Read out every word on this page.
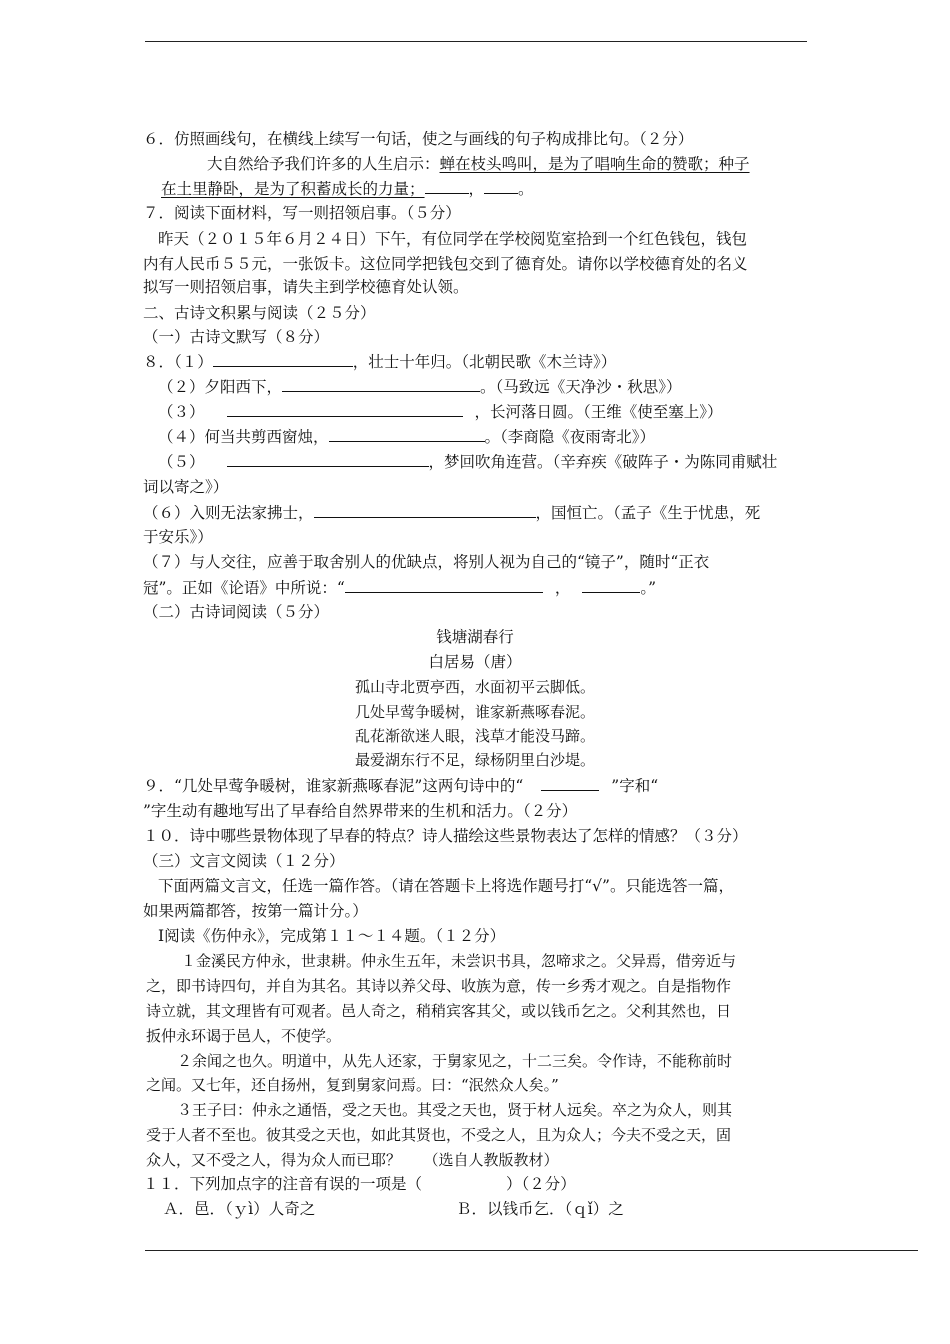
６．仿照画线句，在横线上续写一句话，使之与画线的句子构成排比句。（２分）
大自然给予我们许多的人生启示：蝉在枝头鸣叫，是为了唱响生命的赞歌；种子
在土里静卧，是为了积蓄成长的力量；	， 。
７．阅读下面材料，写一则招领启事。（５分）
昨天（２０１５年６月２４日）下午，有位同学在学校阅览室拾到一个红色钱包，钱包
内有人民币５５元，一张饭卡。这位同学把钱包交到了德育处。请你以学校德育处的名义
拟写一则招领启事，请失主到学校德育处认领。
二、古诗文积累与阅读（２５分）
（一）古诗文默写（８分）
８．（１）	，壮士十年归。（北朝民歌《木兰诗》）
（２）夕阳西下，	。（马致远《天净沙・秋思》）
（３）	，长河落日圆。（王维《使至塞上》）
（４）何当共剪西窗烛，	。（李商隐《夜雨寄北》）
（５）	，梦回吹角连营。（辛弃疾《破阵子・为陈同甫赋壮
词以寄之》）
（６）入则无法家拂士，	，国恒亡。（孟子《生于忧患，死
于安乐》）
（７）与人交往，应善于取舍别人的优缺点，将别人视为自己的“镜子”，随时“正衣
冠”。正如《论语》中所说：“	，	。”
（二）古诗词阅读（５分）
钱塘湖春行
白居易（唐）
孤山寺北贾亭西，水面初平云脚低。
几处早莺争暖树，谁家新燕啄春泥。
乱花渐欲迷人眼，浅草才能没马蹄。
最爱湖东行不足，绿杨阴里白沙堤。
９．“几处早莺争暖树，谁家新燕啄春泥”这两句诗中的“	”字和“
”字生动有趣地写出了早春给自然界带来的生机和活力。（２分）
１０．诗中哪些景物体现了早春的特点？诗人描绘这些景物表达了怎样的情感？（３分）
（三）文言文阅读（１２分）
下面两篇文言文，任选一篇作答。（请在答题卡上将选作题号打“√”。只能选答一篇，
如果两篇都答，按第一篇计分。）
Ⅰ阅读《伤仲永》，完成第１１～１４题。（１２分）
１金溪民方仲永，世隶耕。仲永生五年，未尝识书具，忽啼求之。父异焉，借旁近与
之，即书诗四句，并自为其名。其诗以养父母、收族为意，传一乡秀才观之。自是指物作
诗立就，其文理皆有可观者。邑人奇之，稍稍宾客其父，或以钱币乞之。父利其然也，日
扳仲永环谒于邑人，不使学。
２余闻之也久。明道中，从先人还家，于舅家见之，十二三矣。令作诗，不能称前时
之闻。又七年，还自扬州，复到舅家问焉。曰：“泯然众人矣。”
３王子曰：仲永之通悟，受之天也。其受之天也，贤于材人远矣。卒之为众人，则其
受于人者不至也。彼其受之天也，如此其贤也，不受之人，且为众人；今夫不受之天，固
众人，又不受之人，得为众人而已耶？　　（选自人教版教材）
１１．下列加点字的注音有误的一项是（	）（２分）
Ａ．邑．（ｙì）人奇之	Ｂ．以钱币乞．（ｑǐ）之
